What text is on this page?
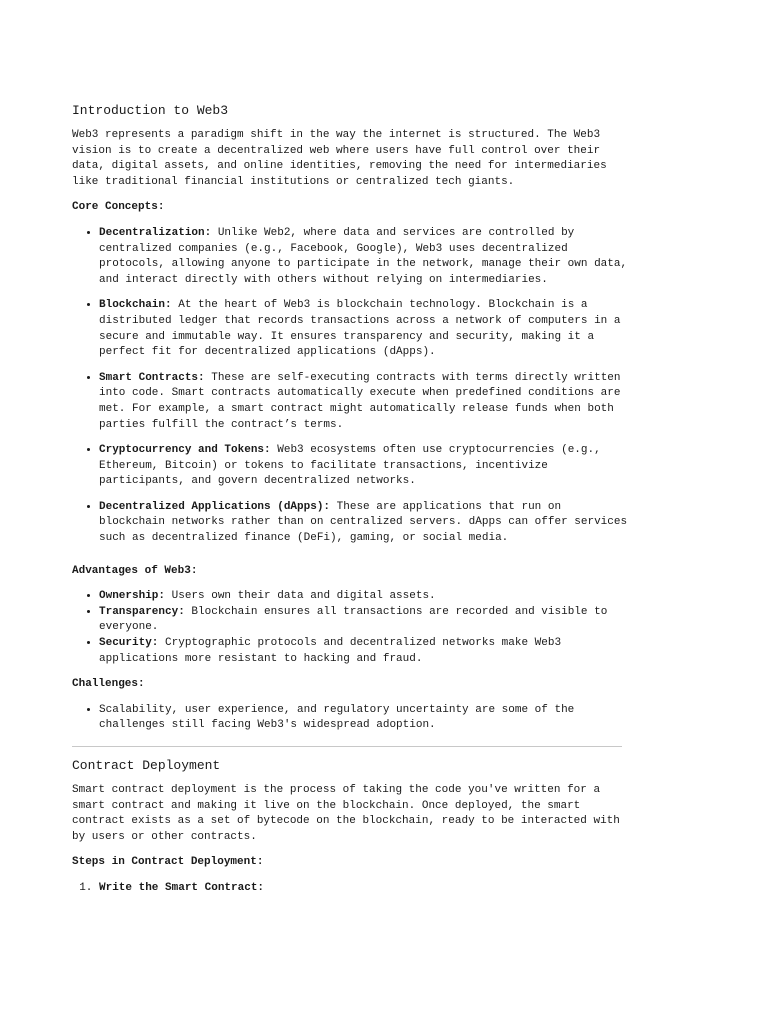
Introduction to Web3

Web3 represents a paradigm shift in the way the internet is structured. The Web3 vision is to create a decentralized web where users have full control over their data, digital assets, and online identities, removing the need for intermediaries like traditional financial institutions or centralized tech giants.

Core Concepts:

• Decentralization: Unlike Web2, where data and services are controlled by centralized companies (e.g., Facebook, Google), Web3 uses decentralized protocols, allowing anyone to participate in the network, manage their own data, and interact directly with others without relying on intermediaries.
• Blockchain: At the heart of Web3 is blockchain technology. Blockchain is a distributed ledger that records transactions across a network of computers in a secure and immutable way. It ensures transparency and security, making it a perfect fit for decentralized applications (dApps).
• Smart Contracts: These are self-executing contracts with terms directly written into code. Smart contracts automatically execute when predefined conditions are met. For example, a smart contract might automatically release funds when both parties fulfill the contract’s terms.
• Cryptocurrency and Tokens: Web3 ecosystems often use cryptocurrencies (e.g., Ethereum, Bitcoin) or tokens to facilitate transactions, incentivize participants, and govern decentralized networks.
• Decentralized Applications (dApps): These are applications that run on blockchain networks rather than on centralized servers. dApps can offer services such as decentralized finance (DeFi), gaming, or social media.

Advantages of Web3:

• Ownership: Users own their data and digital assets.
• Transparency: Blockchain ensures all transactions are recorded and visible to everyone.
• Security: Cryptographic protocols and decentralized networks make Web3 applications more resistant to hacking and fraud.

Challenges:

• Scalability, user experience, and regulatory uncertainty are some of the challenges still facing Web3's widespread adoption.
Contract Deployment

Smart contract deployment is the process of taking the code you've written for a smart contract and making it live on the blockchain. Once deployed, the smart contract exists as a set of bytecode on the blockchain, ready to be interacted with by users or other contracts.

Steps in Contract Deployment:

1. Write the Smart Contract:
